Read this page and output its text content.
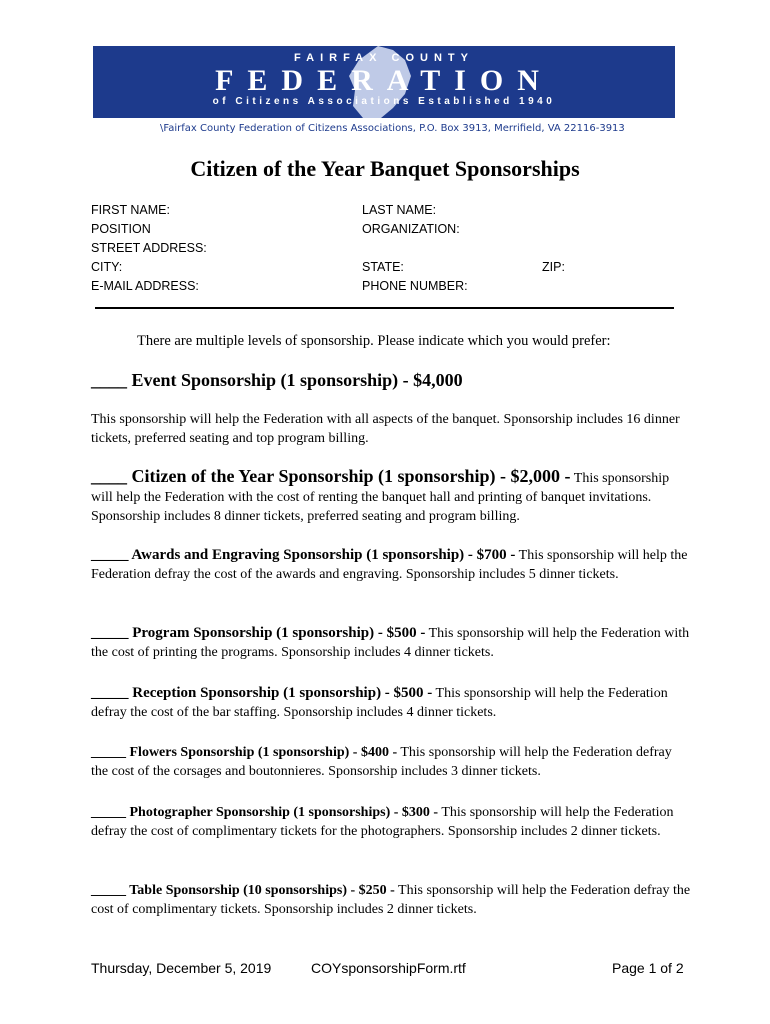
FAIRFAX COUNTY
FEDERATION
of Citizens Associations Established 1940
\Fairfax County Federation of Citizens Associations, P.O. Box 3913, Merrifield, VA 22116-3913
Citizen of the Year Banquet Sponsorships
FIRST NAME:	LAST NAME:
POSITION	ORGANIZATION:
STREET ADDRESS:
CITY:	STATE:	ZIP:
E-MAIL ADDRESS:	PHONE NUMBER:
There are multiple levels of sponsorship. Please indicate which you would prefer:
____ Event Sponsorship (1 sponsorship) - $4,000
This sponsorship will help the Federation with all aspects of the banquet. Sponsorship includes 16 dinner tickets, preferred seating and top program billing.
____ Citizen of the Year Sponsorship (1 sponsorship) - $2,000 - This sponsorship will help the Federation with the cost of renting the banquet hall and printing of banquet invitations. Sponsorship includes 8 dinner tickets, preferred seating and program billing.
_____ Awards and Engraving Sponsorship (1 sponsorship) - $700 - This sponsorship will help the Federation defray the cost of the awards and engraving. Sponsorship includes 5 dinner tickets.
_____ Program Sponsorship (1 sponsorship) - $500 - This sponsorship will help the Federation with the cost of printing the programs. Sponsorship includes 4 dinner tickets.
_____ Reception Sponsorship (1 sponsorship) - $500 - This sponsorship will help the Federation defray the cost of the bar staffing. Sponsorship includes 4 dinner tickets.
_____ Flowers Sponsorship (1 sponsorship) - $400 - This sponsorship will help the Federation defray the cost of the corsages and boutonnieres. Sponsorship includes 3 dinner tickets.
_____ Photographer Sponsorship (1 sponsorships) - $300 - This sponsorship will help the Federation defray the cost of complimentary tickets for the photographers. Sponsorship includes 2 dinner tickets.
_____ Table Sponsorship (10 sponsorships) - $250 - This sponsorship will help the Federation defray the cost of complimentary tickets. Sponsorship includes 2 dinner tickets.
Thursday, December 5, 2019	COYsponsorshipForm.rtf	Page 1 of 2
